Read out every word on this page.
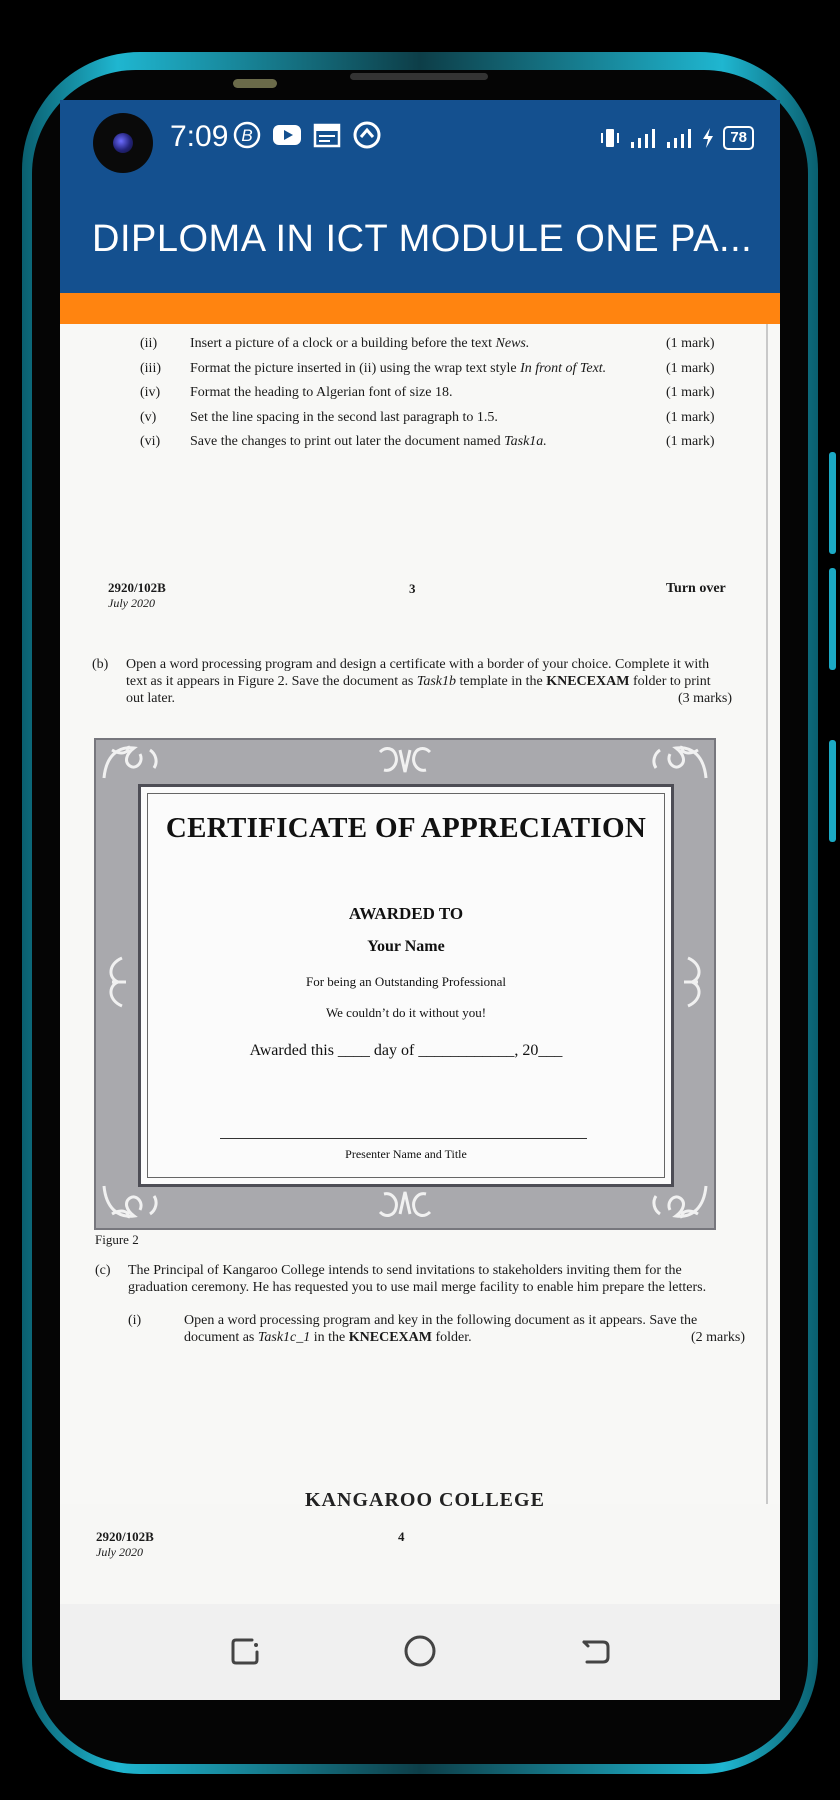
7:09 B	78
DIPLOMA IN ICT MODULE ONE PA...
(ii) Insert a picture of a clock or a building before the text News.	(1 mark)
(iii) Format the picture inserted in (ii) using the wrap text style In front of Text.	(1 mark)
(iv) Format the heading to Algerian font of size 18.	(1 mark)
(v) Set the line spacing in the second last paragraph to 1.5.	(1 mark)
(vi) Save the changes to print out later the document named Task1a.	(1 mark)
2920/102B
July 2020
3	Turn over
(b) Open a word processing program and design a certificate with a border of your choice. Complete it with
text as it appears in Figure 2. Save the document as Task1b template in the KNECEXAM folder to print
out later.	(3 marks)
CERTIFICATE OF APPRECIATION
AWARDED TO
Your Name
For being an Outstanding Professional
We couldn’t do it without you!
Awarded this ____ day of ____________, 20___
Presenter Name and Title
Figure 2
(c) The Principal of Kangaroo College intends to send invitations to stakeholders inviting them for the
graduation ceremony. He has requested you to use mail merge facility to enable him prepare the letters.
(i)	Open a word processing program and key in the following document as it appears. Save the
document as Task1c_1 in the KNECEXAM folder.	(2 marks)
2920/102B
July 2020
4
KANGAROO COLLEGE
